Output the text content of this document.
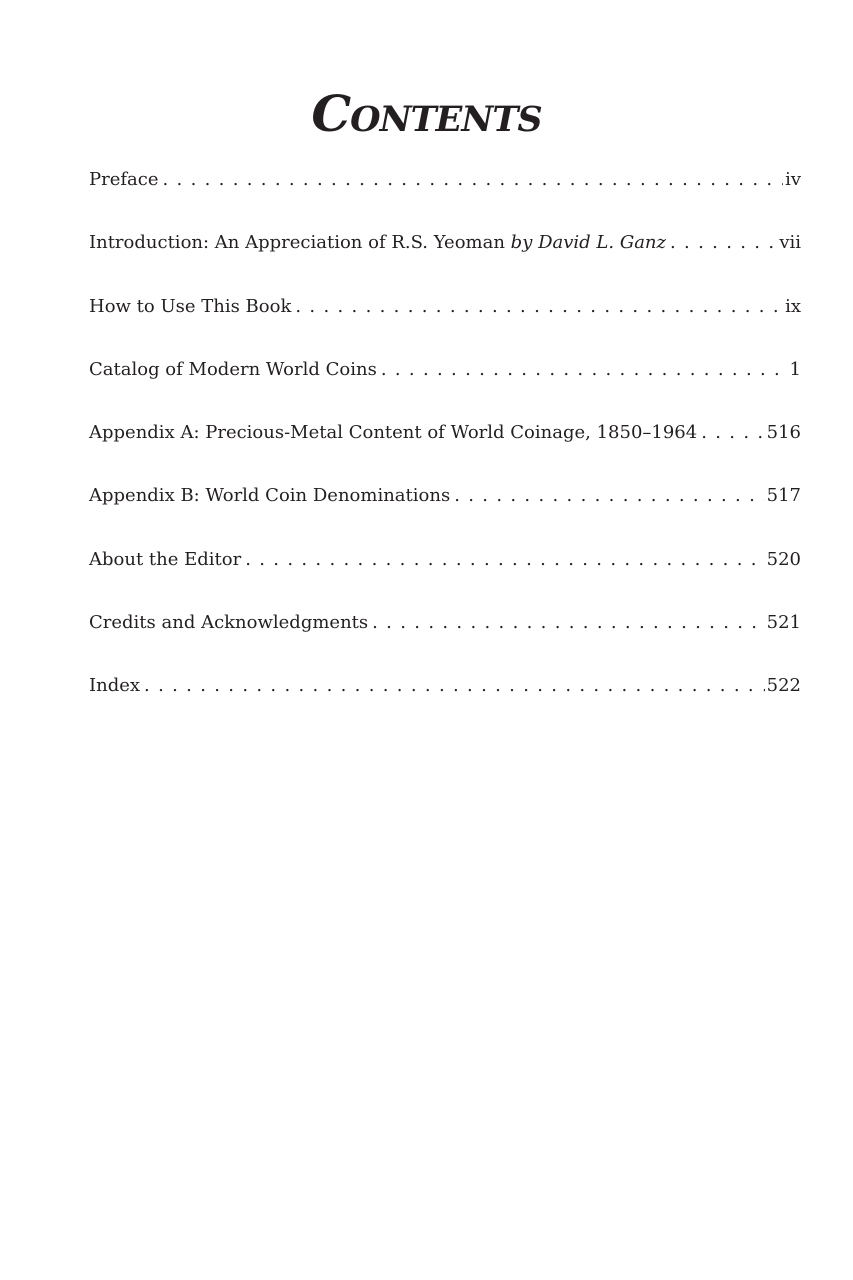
Contents
Preface . . .	iv
Introduction: An Appreciation of R.S. Yeoman by David L. Ganz . . .	vii
How to Use This Book . . .	ix
Catalog of Modern World Coins . . .	1
Appendix A: Precious-Metal Content of World Coinage, 1850–1964 . . .	516
Appendix B: World Coin Denominations . . .	517
About the Editor . . .	520
Credits and Acknowledgments . . .	521
Index . . .	522
